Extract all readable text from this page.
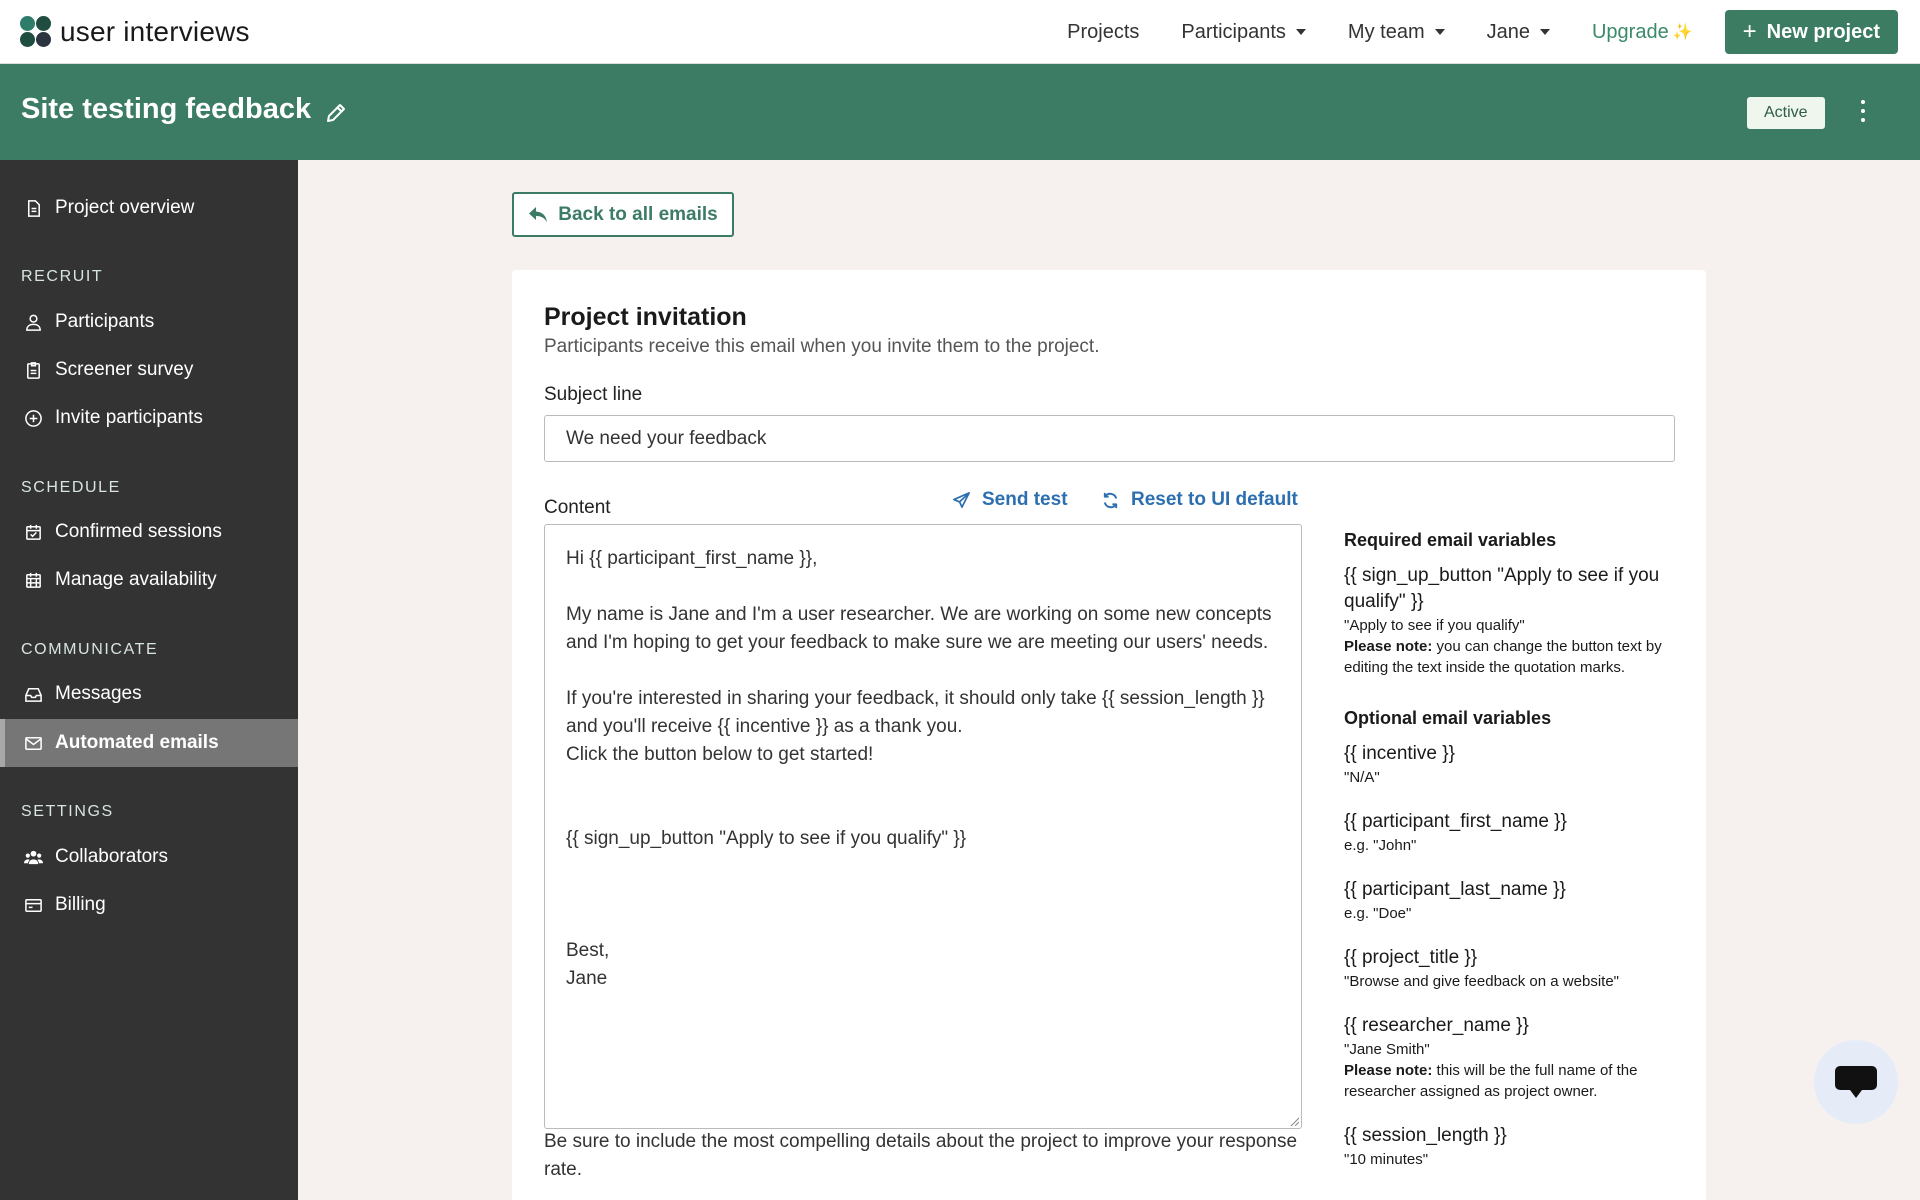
user interviews	Projects Participants	My team	Jane	Upgrade ✨ + New project
Site testing feedback	Active
Project overview
RECRUIT
Participants
Screener survey
Invite participants
SCHEDULE
Confirmed sessions
Manage availability
COMMUNICATE
Messages
Automated emails
SETTINGS
Collaborators
Billing
Back to all emails
Project invitation
Participants receive this email when you invite them to the project.
Subject line
We need your feedback
Content	Send test	Reset to UI default
Hi {{ participant_first_name }},

My name is Jane and I'm a user researcher. We are working on some new concepts and I'm hoping to get your feedback to make sure we are meeting our users' needs.

If you're interested in sharing your feedback, it should only take {{ session_length }} and you'll receive {{ incentive }} as a thank you.
Click the button below to get started!

{{ sign_up_button "Apply to see if you qualify" }}

Best,
Jane
Be sure to include the most compelling details about the project to improve your response rate.
Required email variables
{{ sign_up_button "Apply to see if you qualify" }}
"Apply to see if you qualify"
Please note: you can change the button text by editing the text inside the quotation marks.
Optional email variables
{{ incentive }}
"N/A"
{{ participant_first_name }}
e.g. "John"
{{ participant_last_name }}
e.g. "Doe"
{{ project_title }}
"Browse and give feedback on a website"
{{ researcher_name }}
"Jane Smith"
Please note: this will be the full name of the researcher assigned as project owner.
{{ session_length }}
"10 minutes"
